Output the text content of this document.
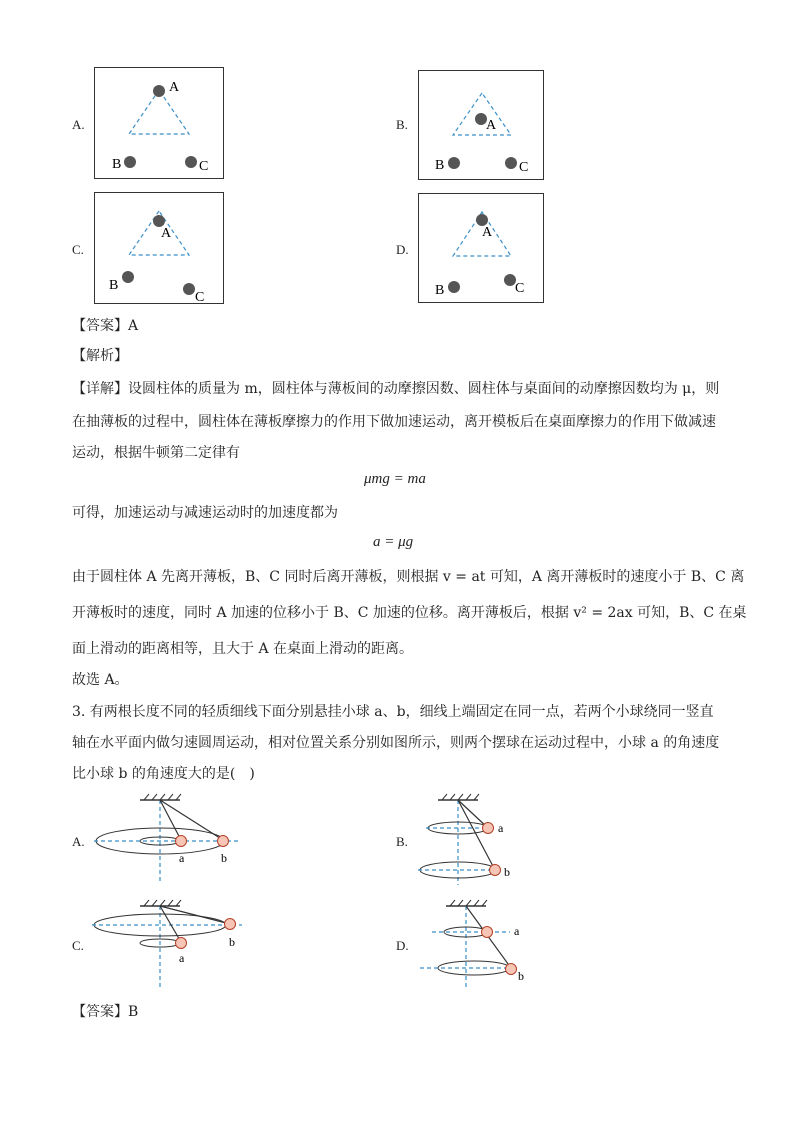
A.
A
B	C
B.	A
B	C
C.
A
B
C
D.
A
B	C
【答案】A
【解析】
【详解】设圆柱体的质量为 m，圆柱体与薄板间的动摩擦因数、圆柱体与桌面间的动摩擦因数均为 μ，则
在抽薄板的过程中，圆柱体在薄板摩擦力的作用下做加速运动，离开模板后在桌面摩擦力的作用下做减速
运动，根据牛顿第二定律有
μmg = ma
可得，加速运动与减速运动时的加速度都为
a = μg
由于圆柱体 A 先离开薄板，B、C 同时后离开薄板，则根据 v = at 可知，A 离开薄板时的速度小于 B、C 离
开薄板时的速度，同时 A 加速的位移小于 B、C 加速的位移。离开薄板后，根据 v² = 2ax 可知，B、C 在桌
面上滑动的距离相等，且大于 A 在桌面上滑动的距离。
故选 A。
3. 有两根长度不同的轻质细线下面分别悬挂小球 a、b，细线上端固定在同一点，若两个小球绕同一竖直
轴在水平面内做匀速圆周运动，相对位置关系分别如图所示，则两个摆球在运动过程中，小球 a 的角速度
比小球 b 的角速度大的是(　)
A.
a	b
B.
a
b
C.
a
b	D.
a
b
【答案】B
